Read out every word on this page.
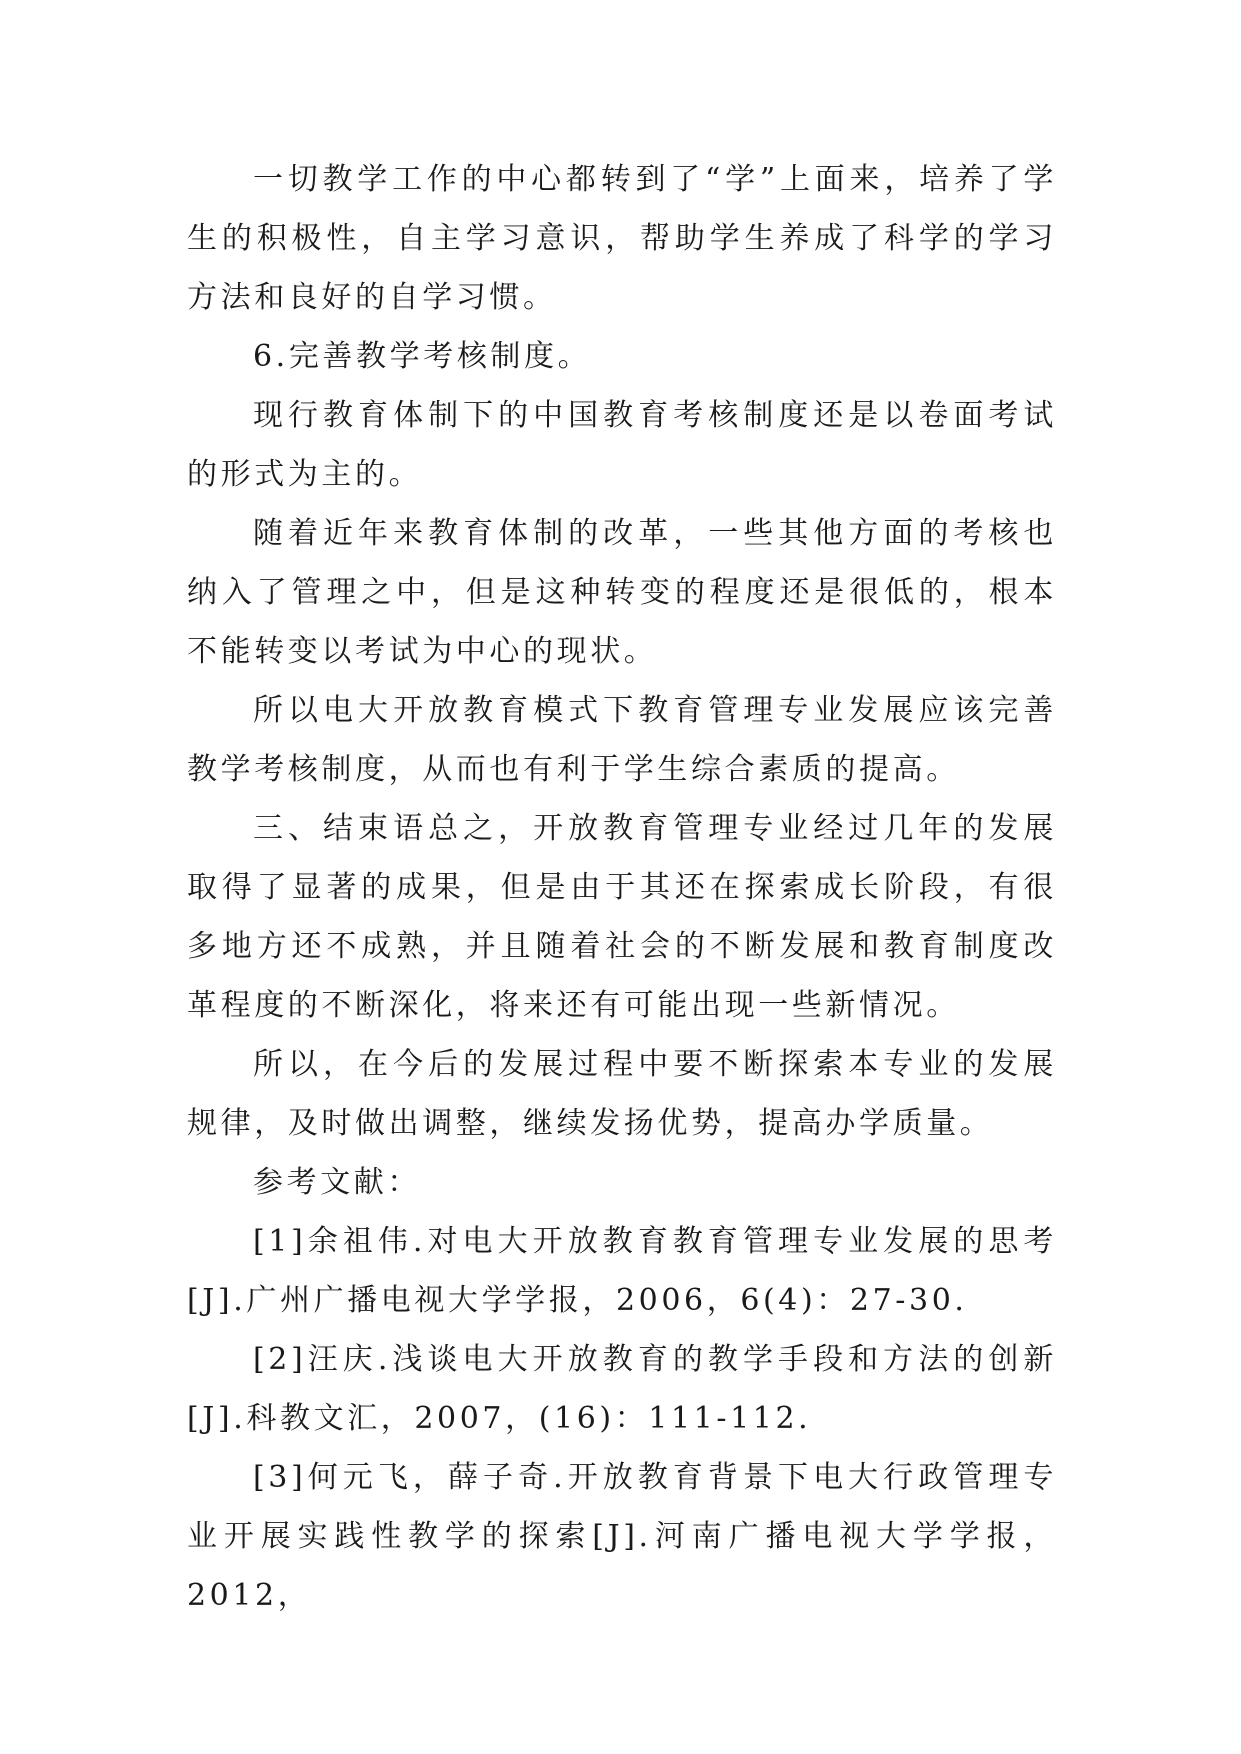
一切教学工作的中心都转到了“学”上面来，培养了学生的积极性，自主学习意识，帮助学生养成了科学的学习方法和良好的自学习惯。

6.完善教学考核制度。

现行教育体制下的中国教育考核制度还是以卷面考试的形式为主的。

随着近年来教育体制的改革，一些其他方面的考核也纳入了管理之中，但是这种转变的程度还是很低的，根本不能转变以考试为中心的现状。

所以电大开放教育模式下教育管理专业发展应该完善教学考核制度，从而也有利于学生综合素质的提高。

三、结束语总之，开放教育管理专业经过几年的发展取得了显著的成果，但是由于其还在探索成长阶段，有很多地方还不成熟，并且随着社会的不断发展和教育制度改革程度的不断深化，将来还有可能出现一些新情况。

所以，在今后的发展过程中要不断探索本专业的发展规律，及时做出调整，继续发扬优势，提高办学质量。

参考文献：

[1]余祖伟.对电大开放教育教育管理专业发展的思考[J].广州广播电视大学学报，2006，6(4)：27-30.

[2]汪庆.浅谈电大开放教育的教学手段和方法的创新[J].科教文汇，2007，(16)：111-112.

[3]何元飞，薛子奇.开放教育背景下电大行政管理专业开展实践性教学的探索[J].河南广播电视大学学报，2012，
